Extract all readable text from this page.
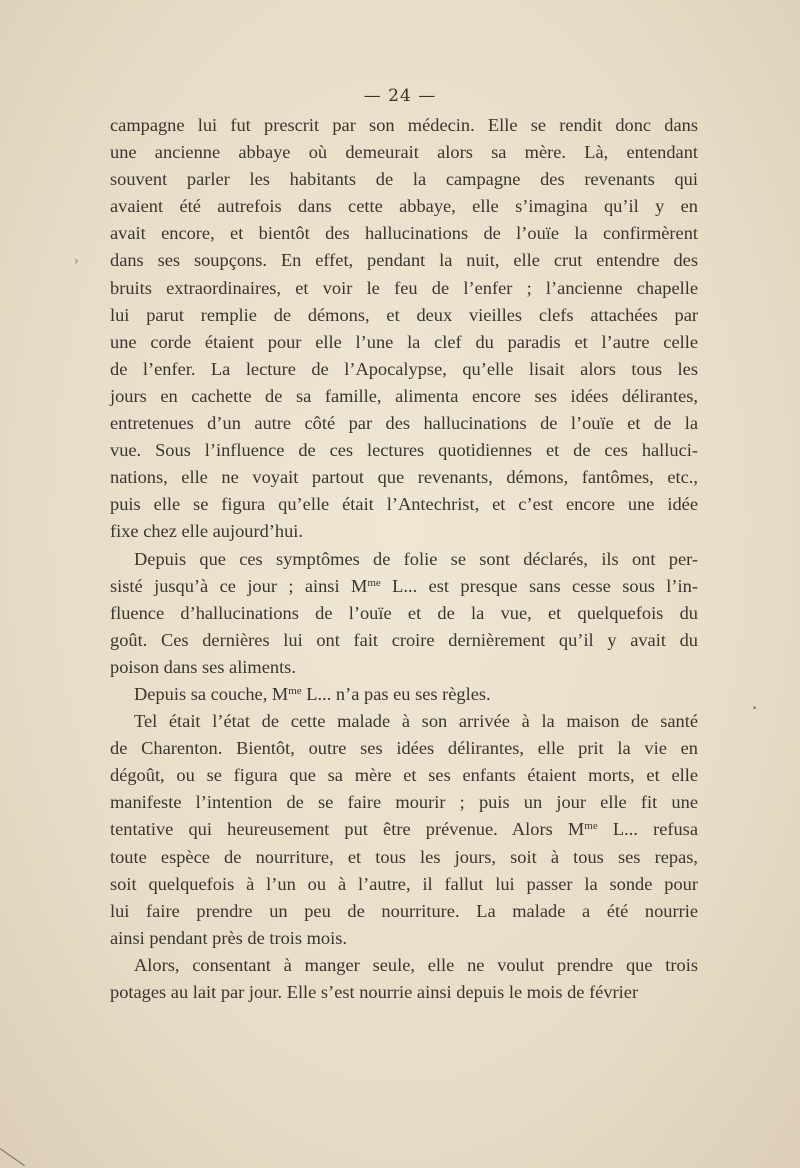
— 24 —
campagne lui fut prescrit par son médecin. Elle se rendit donc dans
une ancienne abbaye où demeurait alors sa mère. Là, entendant
souvent parler les habitants de la campagne des revenants qui
avaient été autrefois dans cette abbaye, elle s’imagina qu’il y en
avait encore, et bientôt des hallucinations de l’ouïe la confirmèrent
dans ses soupçons. En effet, pendant la nuit, elle crut entendre des
bruits extraordinaires, et voir le feu de l’enfer ; l’ancienne chapelle
lui parut remplie de démons, et deux vieilles clefs attachées par
une corde étaient pour elle l’une la clef du paradis et l’autre celle
de l’enfer. La lecture de l’Apocalypse, qu’elle lisait alors tous les
jours en cachette de sa famille, alimenta encore ses idées délirantes,
entretenues d’un autre côté par des hallucinations de l’ouïe et de la
vue. Sous l’influence de ces lectures quotidiennes et de ces halluci-
nations, elle ne voyait partout que revenants, démons, fantômes, etc.,
puis elle se figura qu’elle était l’Antechrist, et c’est encore une idée
fixe chez elle aujourd’hui.
Depuis que ces symptômes de folie se sont déclarés, ils ont per-
sisté jusqu’à ce jour ; ainsi $M^{me}$ L... est presque sans cesse sous l’in-
fluence d’hallucinations de l’ouïe et de la vue, et quelquefois du
goût. Ces dernières lui ont fait croire dernièrement qu’il y avait du
poison dans ses aliments.
Depuis sa couche, $M^{me}$ L... n’a pas eu ses règles.
Tel était l’état de cette malade à son arrivée à la maison de santé
de Charenton. Bientôt, outre ses idées délirantes, elle prit la vie en
dégoût, ou se figura que sa mère et ses enfants étaient morts, et elle
manifeste l’intention de se faire mourir ; puis un jour elle fit une
tentative qui heureusement put être prévenue. Alors $M^{me}$ L... refusa
toute espèce de nourriture, et tous les jours, soit à tous ses repas,
soit quelquefois à l’un ou à l’autre, il fallut lui passer la sonde pour
lui faire prendre un peu de nourriture. La malade a été nourrie
ainsi pendant près de trois mois.
Alors, consentant à manger seule, elle ne voulut prendre que trois
potages au lait par jour. Elle s’est nourrie ainsi depuis le mois de février
›
•
